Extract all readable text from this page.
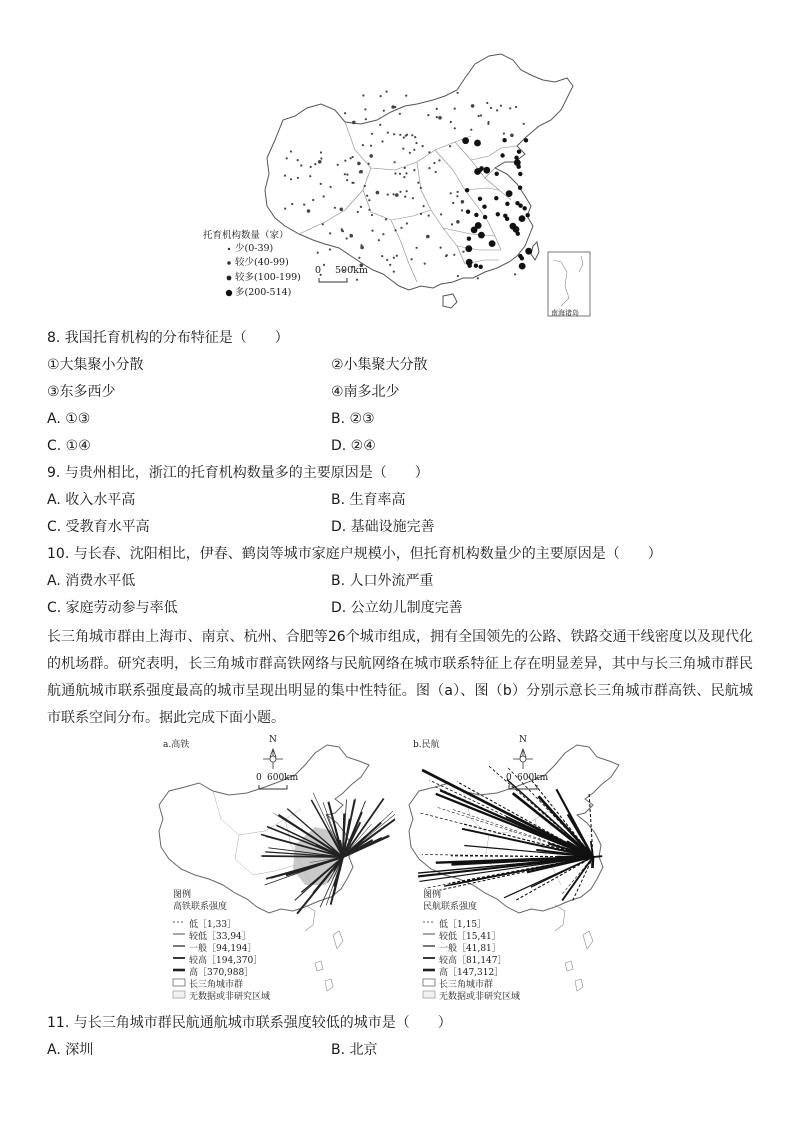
托育机构数量（家）
少(0-39)
较少(40-99)
较多(100-199)
多(200-514)
0 500km
南海诸岛
8. 我国托育机构的分布特征是（　　）
①大集聚小分散	②小集聚大分散
③东多西少	④南多北少
A. ①③	B. ②③
C. ①④	D. ②④
9. 与贵州相比，浙江的托育机构数量多的主要原因是（　　）
A. 收入水平高	B. 生育率高
C. 受教育水平高	D. 基础设施完善
10. 与长春、沈阳相比，伊春、鹤岗等城市家庭户规模小，但托育机构数量少的主要原因是（　　）
A. 消费水平低	B. 人口外流严重
C. 家庭劳动参与率低	D. 公立幼儿制度完善
长三角城市群由上海市、南京、杭州、合肥等26个城市组成，拥有全国领先的公路、铁路交通干线密度以及现代化的机场群。研究表明，长三角城市群高铁网络与民航网络在城市联系特征上存在明显差异，其中与长三角城市群民航通航城市联系强度最高的城市呈现出明显的集中性特征。图（a）、图（b）分别示意长三角城市群高铁、民航城市联系空间分布。据此完成下面小题。
a.高铁	N
0 600km
图例
高铁联系强度
低［1,33］
较低［33,94］
一般［94,194］
较高［194,370］
高［370,988］
长三角城市群
无数据或非研究区域
b.民航	N
0 600km
图例
民航联系强度
低［1,15］
较低［15,41］
一般［41,81］
较高［81,147］
高［147,312］
长三角城市群
无数据或非研究区域
11. 与长三角城市群民航通航城市联系强度较低的城市是（　　）
A. 深圳	B. 北京
